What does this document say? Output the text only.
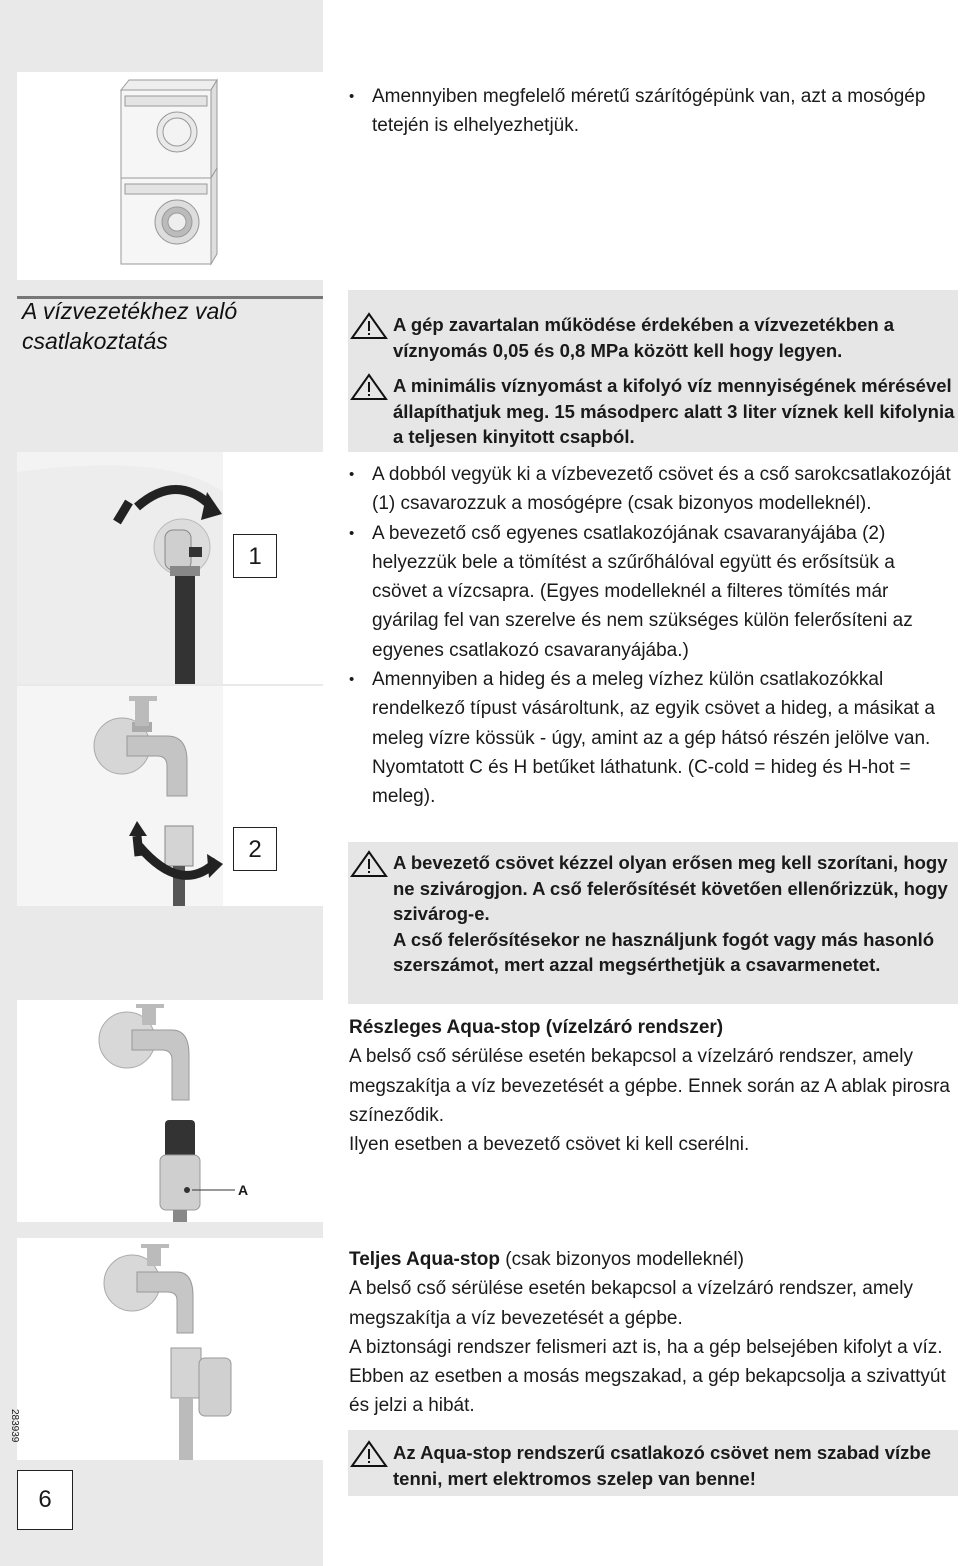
A vízvezetékhez való csatlakoztatás
1
2
A
6
283939
• Amennyiben megfelelő méretű szárítógépünk van, azt a mosógép tetején is elhelyezhetjük.
A gép zavartalan működése érdekében a vízvezetékben a víznyomás 0,05 és 0,8 MPa között kell hogy legyen.
A minimális víznyomást a kifolyó víz mennyiségének mérésével állapíthatjuk meg. 15 másodperc alatt 3 liter víznek kell kifolynia a teljesen kinyitott csapból.
• A dobból vegyük ki a vízbevezető csövet és a cső sarokcsatlakozóját (1) csavarozzuk a mosógépre (csak bizonyos modelleknél).
• A bevezető cső egyenes csatlakozójának csavaranyájába (2) helyezzük bele a tömítést a szűrőhálóval együtt és erősítsük a csövet a vízcsapra. (Egyes modelleknél a filteres tömítés már gyárilag fel van szerelve és nem szükséges külön felerősíteni az egyenes csatlakozó csavaranyájába.)
• Amennyiben a hideg és a meleg vízhez külön csatlakozókkal rendelkező típust vásároltunk, az egyik csövet a hideg, a másikat a meleg vízre kössük - úgy, amint az a gép hátsó részén jelölve van. Nyomtatott C és H betűket láthatunk. (C-cold = hideg és H-hot = meleg).
A bevezető csövet kézzel olyan erősen meg kell szorítani, hogy ne szivárogjon. A cső felerősítését követően ellenőrizzük, hogy szivárog-e.
A cső felerősítésekor ne használjunk fogót vagy más hasonló szerszámot, mert azzal megsérthetjük a csavarmenetet.
Részleges Aqua-stop (vízelzáró rendszer)
A belső cső sérülése esetén bekapcsol a vízelzáró rendszer, amely megszakítja a víz bevezetését a gépbe. Ennek során az A ablak pirosra színeződik.
Ilyen esetben a bevezető csövet ki kell cserélni.
Teljes Aqua-stop (csak bizonyos modelleknél)
A belső cső sérülése esetén bekapcsol a vízelzáró rendszer, amely megszakítja a víz bevezetését a gépbe.
A biztonsági rendszer felismeri azt is, ha a gép belsejében kifolyt a víz. Ebben az esetben a mosás megszakad, a gép bekapcsolja a szivattyút és jelzi a hibát.
Az Aqua-stop rendszerű csatlakozó csövet nem szabad vízbe tenni, mert elektromos szelep van benne!
